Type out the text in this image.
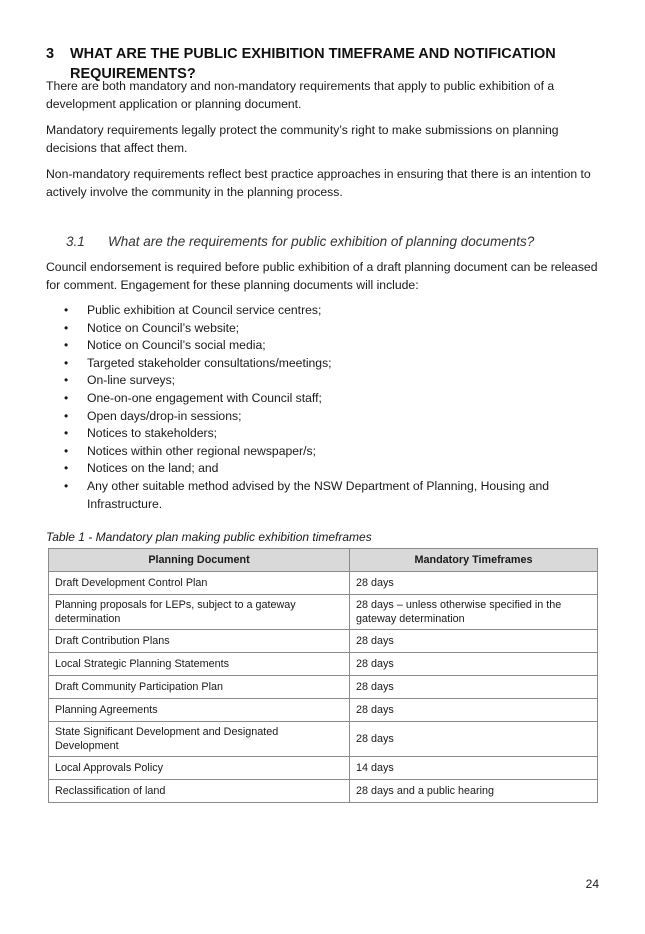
3 WHAT ARE THE PUBLIC EXHIBITION TIMEFRAME AND NOTIFICATION REQUIREMENTS?

There are both mandatory and non-mandatory requirements that apply to public exhibition of a development application or planning document.

Mandatory requirements legally protect the community’s right to make submissions on planning decisions that affect them.

Non-mandatory requirements reflect best practice approaches in ensuring that there is an intention to actively involve the community in the planning process.

3.1 What are the requirements for public exhibition of planning documents?

Council endorsement is required before public exhibition of a draft planning document can be released for comment. Engagement for these planning documents will include:

• Public exhibition at Council service centres;
• Notice on Council’s website;
• Notice on Council’s social media;
• Targeted stakeholder consultations/meetings;
• On-line surveys;
• One-on-one engagement with Council staff;
• Open days/drop-in sessions;
• Notices to stakeholders;
• Notices within other regional newspaper/s;
• Notices on the land; and
• Any other suitable method advised by the NSW Department of Planning, Housing and Infrastructure.
Table 1 - Mandatory plan making public exhibition timeframes
Planning Document	Mandatory Timeframes
Draft Development Control Plan	28 days
Planning proposals for LEPs, subject to a gateway determination	28 days – unless otherwise specified in the gateway determination
Draft Contribution Plans	28 days
Local Strategic Planning Statements	28 days
Draft Community Participation Plan	28 days
Planning Agreements	28 days
State Significant Development and Designated Development	28 days
Local Approvals Policy	14 days
Reclassification of land	28 days and a public hearing
24
